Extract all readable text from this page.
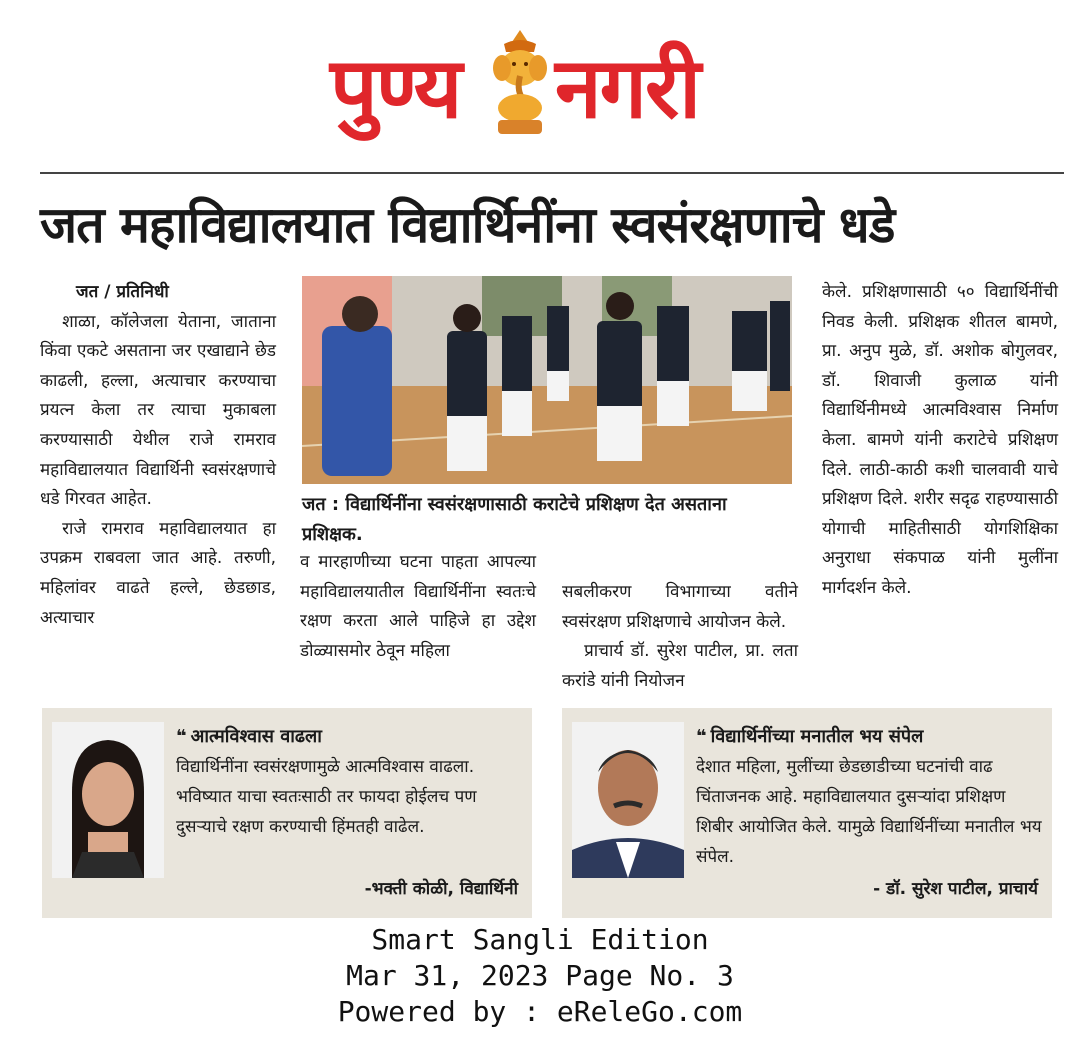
पुण्य नगरी
जत महाविद्यालयात विद्यार्थिनींना स्वसंरक्षणाचे धडे

जत / प्रतिनिधी

शाळा, कॉलेजला येताना, जाताना किंवा एकटे असताना जर एखाद्याने छेड काढली, हल्ला, अत्याचार करण्याचा प्रयत्न केला तर त्याचा मुकाबला करण्यासाठी येथील राजे रामराव महाविद्यालयात विद्यार्थिनी स्वसंरक्षणाचे धडे गिरवत आहेत.

राजे रामराव महाविद्यालयात हा उपक्रम राबवला जात आहे. तरुणी, महिलांवर वाढते हल्ले, छेडछाड, अत्याचार

जत : विद्यार्थिनींना स्वसंरक्षणासाठी कराटेचे प्रशिक्षण देत असताना प्रशिक्षक.

व मारहाणीच्या घटना पाहता आपल्या महाविद्यालयातील विद्यार्थिनींना स्वतःचे रक्षण करता आले पाहिजे हा उद्देश डोळ्यासमोर ठेवून महिला

सबलीकरण विभागाच्या वतीने स्वसंरक्षण प्रशिक्षणाचे आयोजन केले.

प्राचार्य डॉ. सुरेश पाटील, प्रा. लता करांडे यांनी नियोजन

केले. प्रशिक्षणासाठी ५० विद्यार्थिनींची निवड केली. प्रशिक्षक शीतल बामणे, प्रा. अनुप मुळे, डॉ. अशोक बोगुलवर, डॉ. शिवाजी कुलाळ यांनी विद्यार्थिनीमध्ये आत्मविश्वास निर्माण केला. बामणे यांनी कराटेचे प्रशिक्षण दिले. लाठी-काठी कशी चालवावी याचे प्रशिक्षण दिले. शरीर सदृढ राहण्यासाठी योगाची माहितीसाठी योगशिक्षिका अनुराधा संकपाळ यांनी मुलींना मार्गदर्शन केले.

❝ आत्मविश्वास वाढला
विद्यार्थिनींना स्वसंरक्षणामुळे आत्मविश्वास वाढला. भविष्यात याचा स्वतःसाठी तर फायदा होईलच पण दुसऱ्याचे रक्षण करण्याची हिंमतही वाढेल.
-भक्ती कोळी, विद्यार्थिनी
❝ विद्यार्थिनींच्या मनातील भय संपेल
देशात महिला, मुलींच्या छेडछाडीच्या घटनांची वाढ चिंताजनक आहे. महाविद्यालयात दुसऱ्यांदा प्रशिक्षण शिबीर आयोजित केले. यामुळे विद्यार्थिनींच्या मनातील भय संपेल.
- डॉ. सुरेश पाटील, प्राचार्य
Smart Sangli Edition
Mar 31, 2023 Page No. 3
Powered by : eReleGo.com
